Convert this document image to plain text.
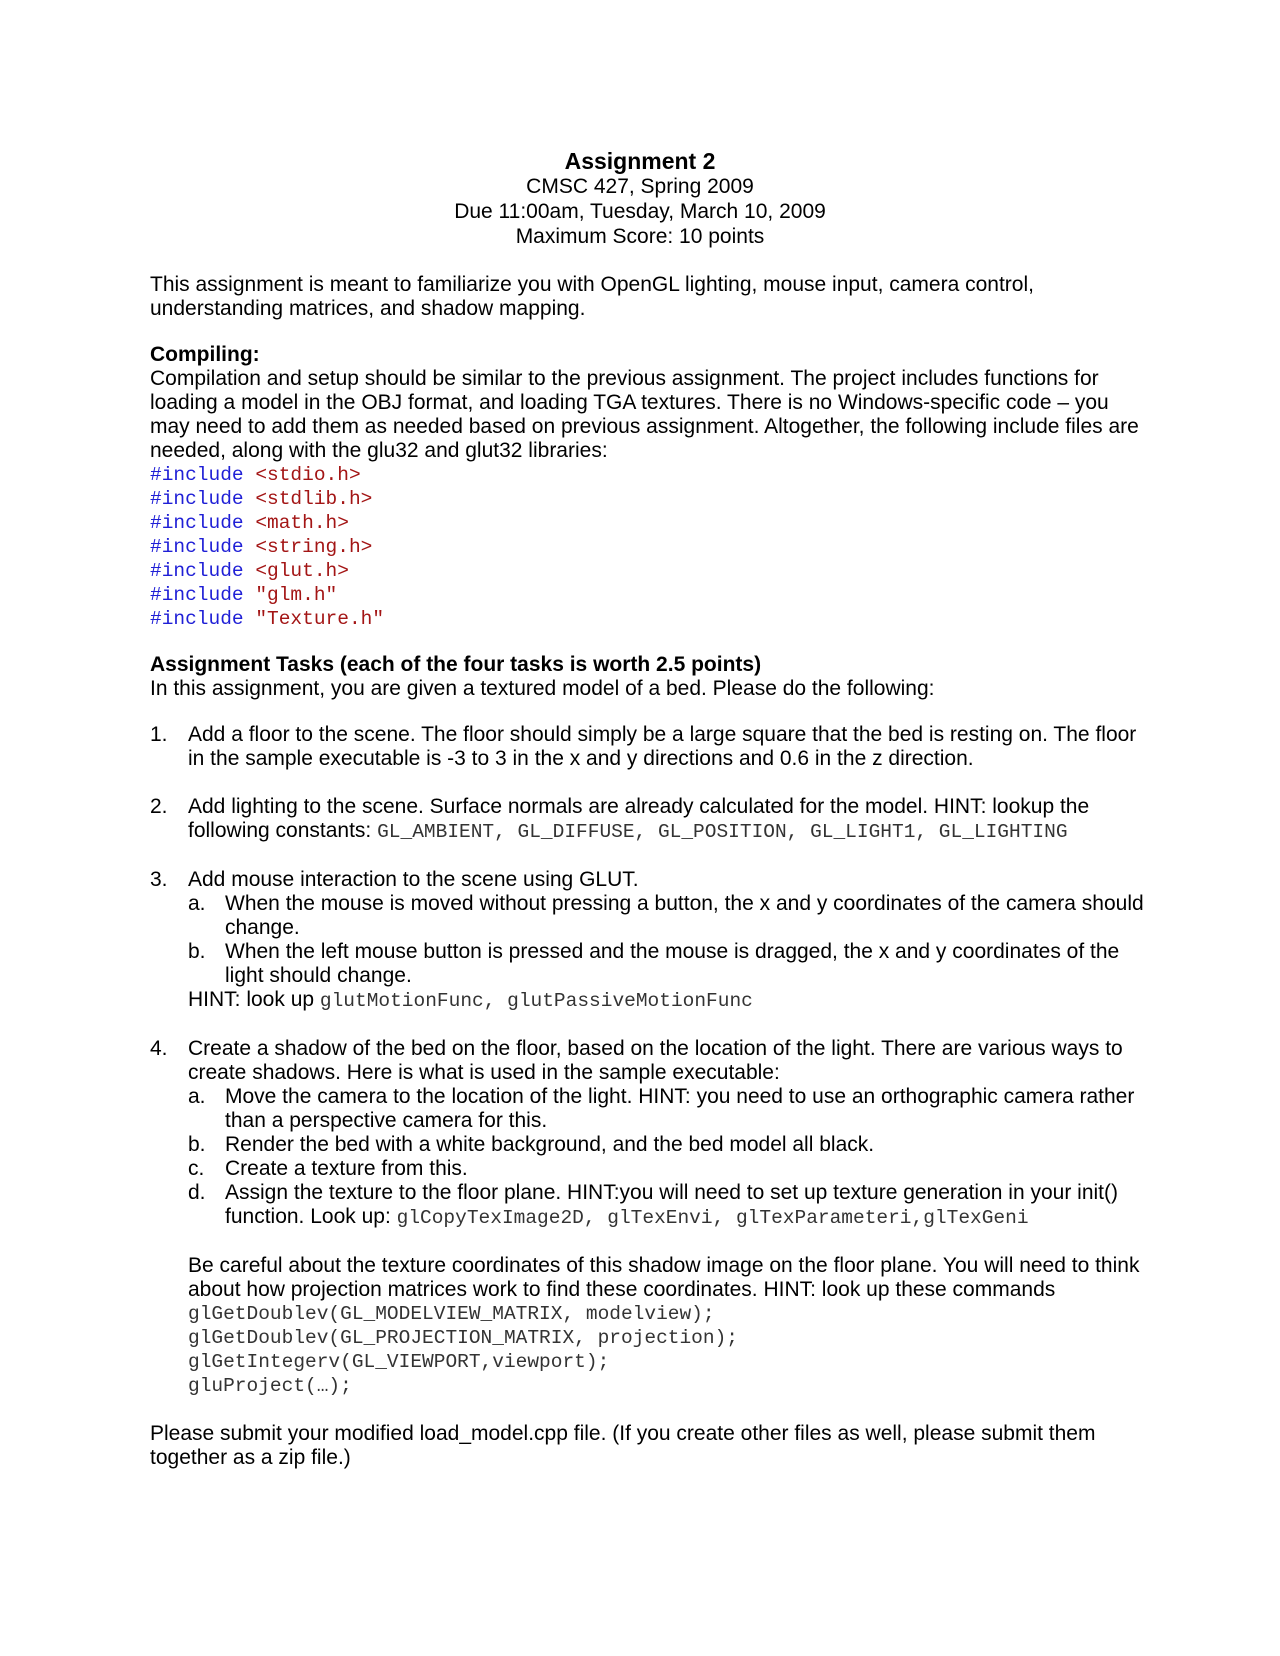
Assignment 2
CMSC 427, Spring 2009
Due 11:00am, Tuesday, March 10, 2009
Maximum Score: 10 points

This assignment is meant to familiarize you with OpenGL lighting, mouse input, camera control, understanding matrices, and shadow mapping.

Compiling:

Compilation and setup should be similar to the previous assignment. The project includes functions for loading a model in the OBJ format, and loading TGA textures. There is no Windows-specific code – you may need to add them as needed based on previous assignment. Altogether, the following include files are needed, along with the glu32 and glut32 libraries:

#include <stdio.h>
#include <stdlib.h>
#include <math.h>
#include <string.h>
#include <glut.h>
#include "glm.h"
#include "Texture.h"
Assignment Tasks (each of the four tasks is worth 2.5 points)

In this assignment, you are given a textured model of a bed. Please do the following:

1. Add a floor to the scene. The floor should simply be a large square that the bed is resting on. The floor in the sample executable is -3 to 3 in the x and y directions and 0.6 in the z direction.
2. Add lighting to the scene. Surface normals are already calculated for the model. HINT: lookup the following constants: GL_AMBIENT, GL_DIFFUSE, GL_POSITION, GL_LIGHT1, GL_LIGHTING
3. Add mouse interaction to the scene using GLUT.
a. When the mouse is moved without pressing a button, the x and y coordinates of the camera should change.
b. When the left mouse button is pressed and the mouse is dragged, the x and y coordinates of the light should change.
HINT: look up glutMotionFunc, glutPassiveMotionFunc
4. Create a shadow of the bed on the floor, based on the location of the light. There are various ways to create shadows. Here is what is used in the sample executable:
a. Move the camera to the location of the light. HINT: you need to use an orthographic camera rather than a perspective camera for this.
b. Render the bed with a white background, and the bed model all black.
c. Create a texture from this.
d. Assign the texture to the floor plane. HINT:you will need to set up texture generation in your init() function. Look up: glCopyTexImage2D, glTexEnvi, glTexParameteri,glTexGeni

Be careful about the texture coordinates of this shadow image on the floor plane. You will need to think about how projection matrices work to find these coordinates. HINT: look up these commands

glGetDoublev(GL_MODELVIEW_MATRIX, modelview);
glGetDoublev(GL_PROJECTION_MATRIX, projection);
glGetIntegerv(GL_VIEWPORT,viewport);
gluProject(…);

Please submit your modified load_model.cpp file. (If you create other files as well, please submit them together as a zip file.)
